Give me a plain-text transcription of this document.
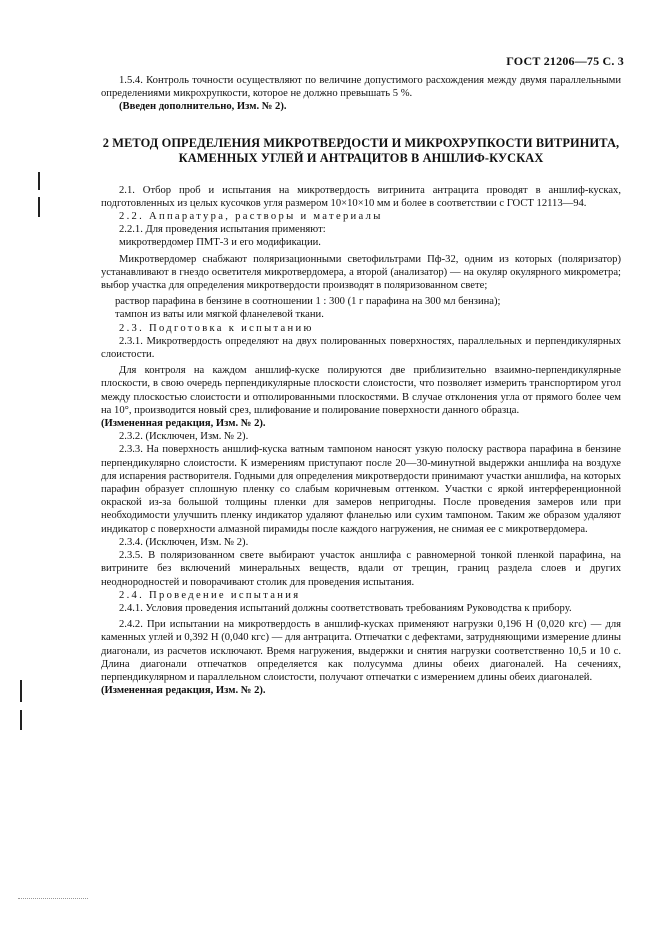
ГОСТ 21206—75 С. 3

1.5.4. Контроль точности осуществляют по величине допустимого расхождения между двумя параллельными определениями микрохрупкости, которое не должно превышать 5 %.

(Введен дополнительно, Изм. № 2).

2 МЕТОД ОПРЕДЕЛЕНИЯ МИКРОТВЕРДОСТИ И МИКРОХРУПКОСТИ ВИТРИНИТА, КАМЕННЫХ УГЛЕЙ И АНТРАЦИТОВ В АНШЛИФ-КУСКАХ

2.1. Отбор проб и испытания на микротвердость витринита антрацита проводят в аншлиф-кусках, подготовленных из целых кусочков угля размером 10×10×10 мм и более в соответствии с ГОСТ 12113—94.

2.2. Аппаратура, растворы и материалы

2.2.1. Для проведения испытания применяют:

микротвердомер ПМТ-3 и его модификации.

Микротвердомер снабжают поляризационными светофильтрами Пф-32, одним из которых (поляризатор) устанавливают в гнездо осветителя микротвердомера, а второй (анализатор) — на окуляр окулярного микрометра; выбор участка для определения микротвердости производят в поляризованном свете;

раствор парафина в бензине в соотношении 1 : 300 (1 г парафина на 300 мл бензина);

тампон из ваты или мягкой фланелевой ткани.

2.3. Подготовка к испытанию

2.3.1. Микротвердость определяют на двух полированных поверхностях, параллельных и перпендикулярных слоистости.

Для контроля на каждом аншлиф-куске полируются две приблизительно взаимно-перпендикулярные плоскости, в свою очередь перпендикулярные плоскости слоистости, что позволяет измерить транспортиром угол между плоскостью слоистости и отполированными плоскостями. В случае отклонения угла от прямого более чем на 10°, производится новый срез, шлифование и полирование поверхности данного образца.

(Измененная редакция, Изм. № 2).

2.3.2. (Исключен, Изм. № 2).

2.3.3. На поверхность аншлиф-куска ватным тампоном наносят узкую полоску раствора парафина в бензине перпендикулярно слоистости. К измерениям приступают после 20—30-минутной выдержки аншлифа на воздухе для испарения растворителя. Годными для определения микротвердости принимают участки аншлифа, на которых парафин образует сплошную пленку со слабым коричневым оттенком. Участки с яркой интерференционной окраской из-за большой толщины пленки для замеров непригодны. После проведения замеров или при необходимости улучшить пленку индикатор удаляют фланелью или сухим тампоном. Таким же образом удаляют индикатор с поверхности алмазной пирамиды после каждого нагружения, не снимая ее с микротвердомера.

2.3.4. (Исключен, Изм. № 2).

2.3.5. В поляризованном свете выбирают участок аншлифа с равномерной тонкой пленкой парафина, на витрините без включений минеральных веществ, вдали от трещин, границ раздела слоев и других неоднородностей и поворачивают столик для проведения испытания.

2.4. Проведение испытания

2.4.1. Условия проведения испытаний должны соответствовать требованиям Руководства к прибору.

2.4.2. При испытании на микротвердость в аншлиф-кусках применяют нагрузки 0,196 Н (0,020 кгс) — для каменных углей и 0,392 Н (0,040 кгс) — для антрацита. Отпечатки с дефектами, затрудняющими измерение длины диагонали, из расчетов исключают. Время нагружения, выдержки и снятия нагрузки соответственно 10,5 и 10 с. Длина диагонали отпечатков определяется как полусумма длины обеих диагоналей. На сечениях, перпендикулярном и параллельном слоистости, получают отпечатки с измерением длины обеих диагоналей.

(Измененная редакция, Изм. № 2).
